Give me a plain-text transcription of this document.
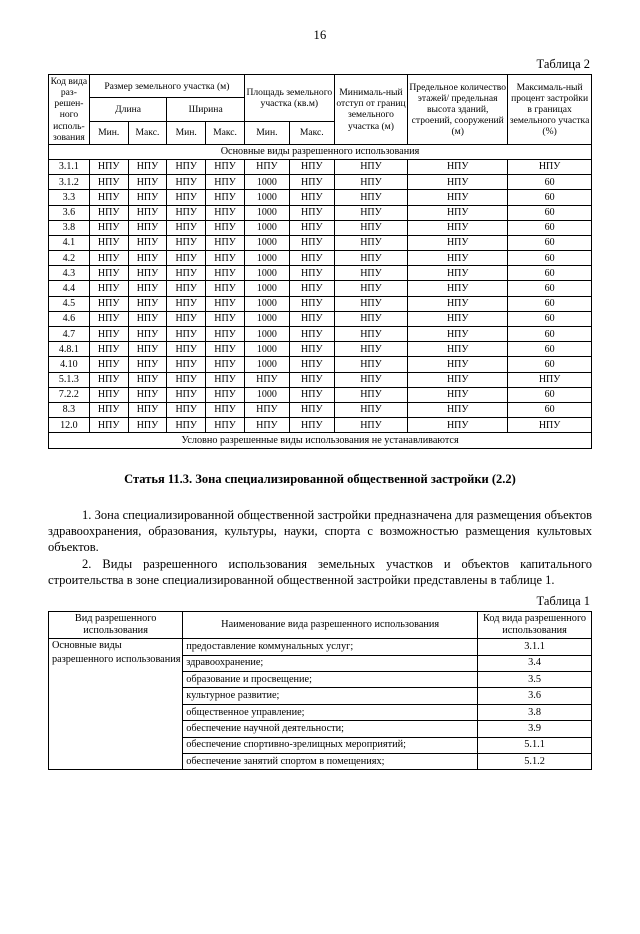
16
Таблица 2
Код вида раз-решен-ного исполь-зования	Размер земельного участка (м)				Площадь земельного участка (кв.м)		Минималь-ный отступ от границ земельного участка (м)	Предельное количество этажей/ предельная высота зданий, строений, сооружений (м)	Максималь-ный процент застройки в границах земельного участка (%)
	Длина		Ширина						
	Мин.	Макс.	Мин.	Макс.	Мин.	Макс.			
Основные виды разрешенного использования									
3.1.1	НПУ	НПУ	НПУ	НПУ	НПУ	НПУ	НПУ	НПУ	НПУ
3.1.2	НПУ	НПУ	НПУ	НПУ	1000	НПУ	НПУ	НПУ	60
3.3	НПУ	НПУ	НПУ	НПУ	1000	НПУ	НПУ	НПУ	60
3.6	НПУ	НПУ	НПУ	НПУ	1000	НПУ	НПУ	НПУ	60
3.8	НПУ	НПУ	НПУ	НПУ	1000	НПУ	НПУ	НПУ	60
4.1	НПУ	НПУ	НПУ	НПУ	1000	НПУ	НПУ	НПУ	60
4.2	НПУ	НПУ	НПУ	НПУ	1000	НПУ	НПУ	НПУ	60
4.3	НПУ	НПУ	НПУ	НПУ	1000	НПУ	НПУ	НПУ	60
4.4	НПУ	НПУ	НПУ	НПУ	1000	НПУ	НПУ	НПУ	60
4.5	НПУ	НПУ	НПУ	НПУ	1000	НПУ	НПУ	НПУ	60
4.6	НПУ	НПУ	НПУ	НПУ	1000	НПУ	НПУ	НПУ	60
4.7	НПУ	НПУ	НПУ	НПУ	1000	НПУ	НПУ	НПУ	60
4.8.1	НПУ	НПУ	НПУ	НПУ	1000	НПУ	НПУ	НПУ	60
4.10	НПУ	НПУ	НПУ	НПУ	1000	НПУ	НПУ	НПУ	60
5.1.3	НПУ	НПУ	НПУ	НПУ	НПУ	НПУ	НПУ	НПУ	НПУ
7.2.2	НПУ	НПУ	НПУ	НПУ	1000	НПУ	НПУ	НПУ	60
8.3	НПУ	НПУ	НПУ	НПУ	НПУ	НПУ	НПУ	НПУ	60
12.0	НПУ	НПУ	НПУ	НПУ	НПУ	НПУ	НПУ	НПУ	НПУ
Условно разрешенные виды использования не устанавливаются									
Статья 11.3. Зона специализированной общественной застройки (2.2)

1. Зона специализированной общественной застройки предназначена для размещения объектов здравоохранения, образования, культуры, науки, спорта с возможностью размещения культовых объектов.

2. Виды разрешенного использования земельных участков и объектов капитального строительства в зоне специализированной общественной застройки представлены в таблице 1.

Таблица 1
Вид разрешенного использования	Наименование вида разрешенного использования	Код вида разрешенного использования
Основные виды разрешенного использования	предоставление коммунальных услуг;	3.1.1
	здравоохранение;	3.4
	образование и просвещение;	3.5
	культурное развитие;	3.6
	общественное управление;	3.8
	обеспечение научной деятельности;	3.9
	обеспечение спортивно-зрелищных мероприятий;	5.1.1
	обеспечение занятий спортом в помещениях;	5.1.2
